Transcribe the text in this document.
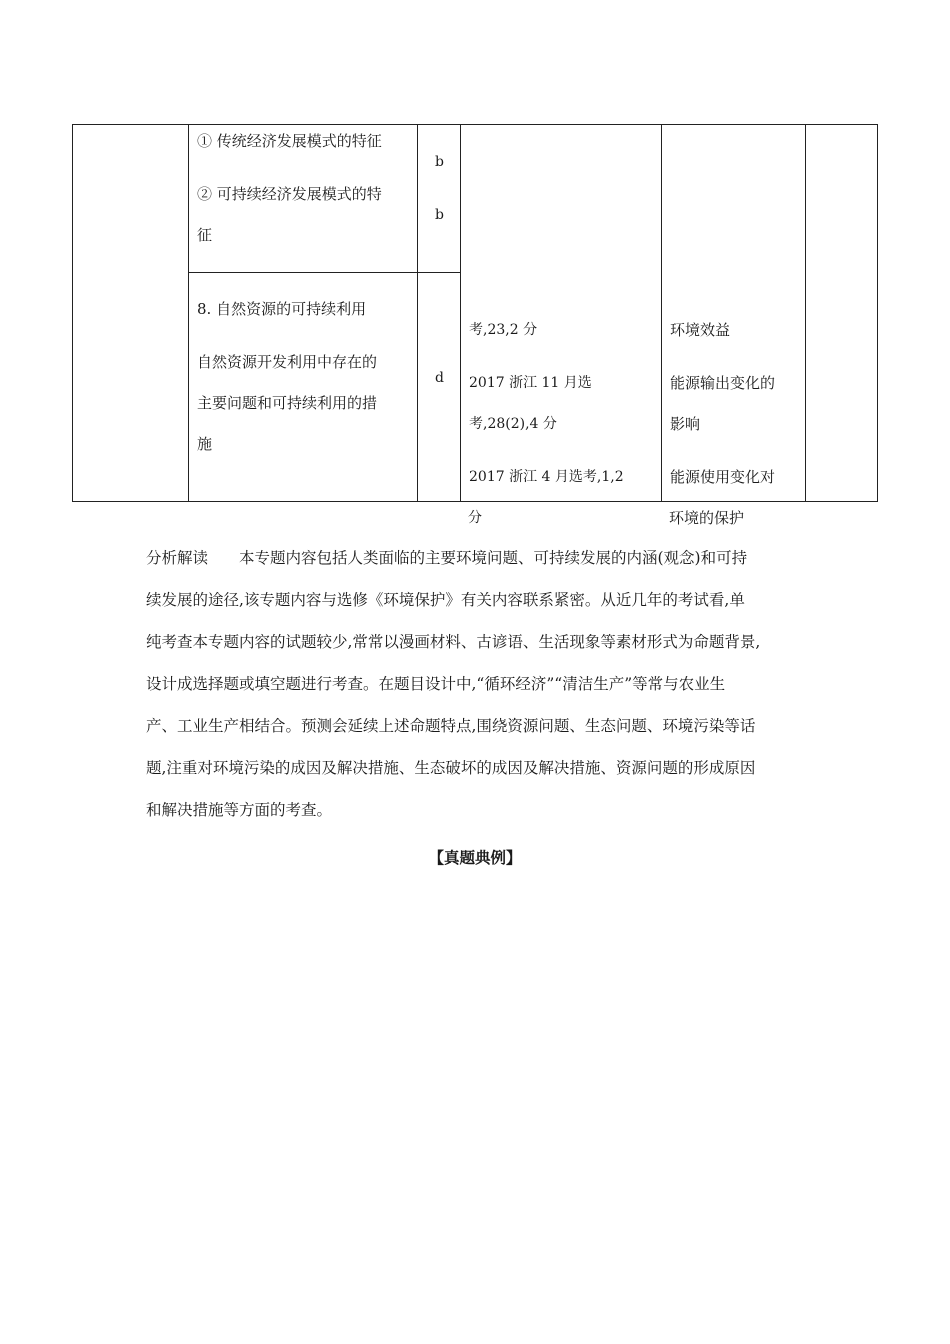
① 传统经济发展模式的特征
② 可持续经济发展模式的特
征
b
b
8. 自然资源的可持续利用
自然资源开发利用中存在的
主要问题和可持续利用的措
施
d
考,23,2 分
2017 浙江 11 月选
考,28(2),4 分
2017 浙江 4 月选考,1,2
环境效益
能源输出变化的
影响
能源使用变化对
分	环境的保护
分析解读　　本专题内容包括人类面临的主要环境问题、可持续发展的内涵(观念)和可持
续发展的途径,该专题内容与选修《环境保护》有关内容联系紧密。从近几年的考试看,单
纯考查本专题内容的试题较少,常常以漫画材料、古谚语、生活现象等素材形式为命题背景,
设计成选择题或填空题进行考查。在题目设计中,“循环经济”“清洁生产”等常与农业生
产、工业生产相结合。预测会延续上述命题特点,围绕资源问题、生态问题、环境污染等话
题,注重对环境污染的成因及解决措施、生态破坏的成因及解决措施、资源问题的形成原因
和解决措施等方面的考查。
【真题典例】
